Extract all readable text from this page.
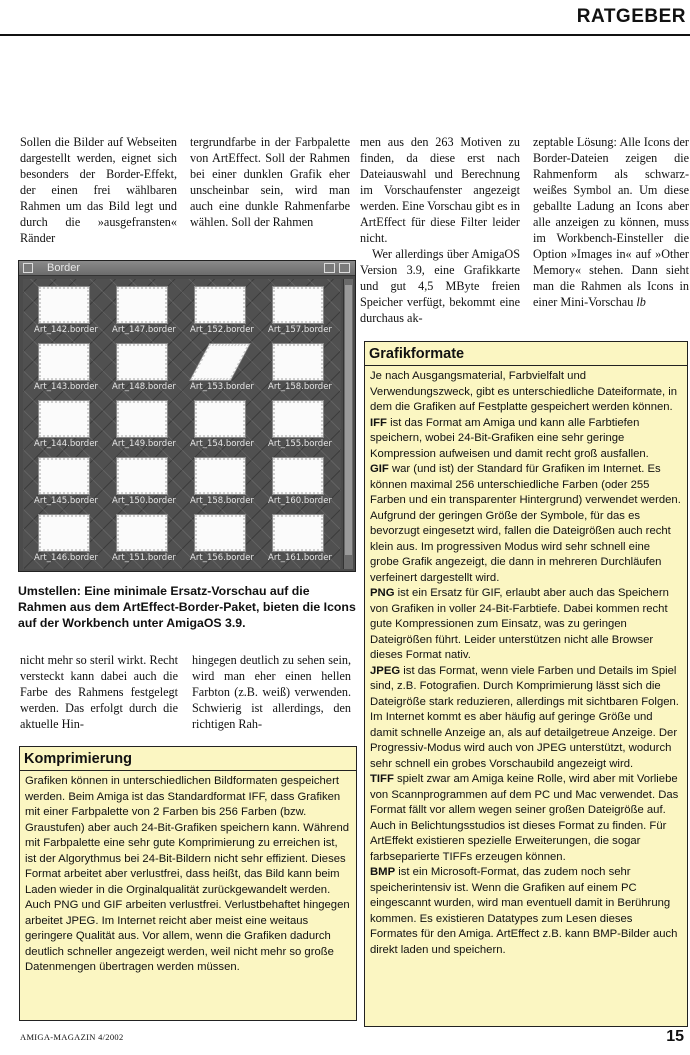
RATGEBER

Sollen die Bilder auf Webseiten dargestellt werden, eignet sich besonders der Border-Effekt, der einen frei wählbaren Rahmen um das Bild legt und durch die »ausgefransten« Ränder

tergrundfarbe in der Farbpalette von ArtEffect. Soll der Rahmen bei einer dunklen Grafik eher unscheinbar sein, wird man auch eine dunkle Rahmenfarbe wählen. Soll der Rahmen

men aus den 263 Motiven zu finden, da diese erst nach Dateiauswahl und Berechnung im Vorschaufenster angezeigt werden. Eine Vorschau gibt es in ArtEffect für diese Filter leider nicht.

Wer allerdings über AmigaOS Version 3.9, eine Grafikkarte und gut 4,5 MByte freien Speicher verfügt, bekommt eine durchaus ak-

zeptable Lösung: Alle Icons der Border-Dateien zeigen die Rahmenform als schwarz-weißes Symbol an. Um diese geballte Ladung an Icons aber alle anzeigen zu können, muss im Workbench-Einsteller die Option »Images in« auf »Other Memory« stehen. Dann sieht man die Rahmen als Icons in einer Mini-Vorschau lb

Border
Art_142.border	Art_147.border	Art_152.border	Art_157.border
Art_143.border	Art_148.border	Art_153.border	Art_158.border
Art_144.border	Art_149.border	Art_154.border	Art_155.border
Art_145.border	Art_150.border	Art_158.border	Art_160.border
Art_146.border	Art_151.border	Art_156.border	Art_161.border
Umstellen: Eine minimale Ersatz-Vorschau auf die Rahmen aus dem ArtEffect-Border-Paket, bieten die Icons auf der Workbench unter AmigaOS 3.9.

nicht mehr so steril wirkt. Recht versteckt kann dabei auch die Farbe des Rahmens festgelegt werden. Das erfolgt durch die aktuelle Hin-

hingegen deutlich zu sehen sein, wird man eher einen hellen Farbton (z.B. weiß) verwenden. Schwierig ist allerdings, den richtigen Rah-

Komprimierung

Grafiken können in unterschiedlichen Bildformaten gespeichert werden. Beim Amiga ist das Standardformat IFF, dass Grafiken mit einer Farbpalette von 2 Farben bis 256 Farben (bzw. Graustufen) aber auch 24-Bit-Grafiken speichern kann. Während mit Farbpalette eine sehr gute Komprimierung zu erreichen ist, ist der Algorythmus bei 24-Bit-Bildern nicht sehr effizient. Dieses Format arbeitet aber verlustfrei, dass heißt, das Bild kann beim Laden wieder in die Orginalqualität zurückgewandelt werden. Auch PNG und GIF arbeiten verlustfrei. Verlustbehaftet hingegen arbeitet JPEG. Im Internet reicht aber meist eine weitaus geringere Qualität aus. Vor allem, wenn die Grafiken dadurch deutlich schneller angezeigt werden, weil nicht mehr so große Datenmengen übertragen werden müssen.

Grafikformate

Je nach Ausgangsmaterial, Farbvielfalt und Verwendungszweck, gibt es unterschiedliche Dateiformate, in dem die Grafiken auf Festplatte gespeichert werden können.

IFF ist das Format am Amiga und kann alle Farbtiefen speichern, wobei 24-Bit-Grafiken eine sehr geringe Kompression aufweisen und damit recht groß ausfallen.

GIF war (und ist) der Standard für Grafiken im Internet. Es können maximal 256 unterschiedliche Farben (oder 255 Farben und ein transparenter Hintergrund) verwendet werden. Aufgrund der geringen Größe der Symbole, für das es bevorzugt eingesetzt wird, fallen die Dateigrößen auch recht klein aus. Im progressiven Modus wird sehr schnell eine grobe Grafik angezeigt, die dann in mehreren Durchläufen verfeinert dargestellt wird.

PNG ist ein Ersatz für GIF, erlaubt aber auch das Speichern von Grafiken in voller 24-Bit-Farbtiefe. Dabei kommen recht gute Kompressionen zum Einsatz, was zu geringen Dateigrößen führt. Leider unterstützen nicht alle Browser dieses Format nativ.

JPEG ist das Format, wenn viele Farben und Details im Spiel sind, z.B. Fotografien. Durch Komprimierung lässt sich die Dateigröße stark reduzieren, allerdings mit sichtbaren Folgen. Im Internet kommt es aber häufig auf geringe Größe und damit schnelle Anzeige an, als auf detailgetreue Anzeige. Der Progressiv-Modus wird auch von JPEG unterstützt, wodurch sehr schnell ein grobes Vorschaubild angezeigt wird.

TIFF spielt zwar am Amiga keine Rolle, wird aber mit Vorliebe von Scannprogrammen auf dem PC und Mac verwendet. Das Format fällt vor allem wegen seiner großen Dateigröße auf. Auch in Belichtungsstudios ist dieses Format zu finden. Für ArtEffekt existieren spezielle Erweiterungen, die sogar farbseparierte TIFFs erzeugen können.

BMP ist ein Microsoft-Format, das zudem noch sehr speicherintensiv ist. Wenn die Grafiken auf einem PC eingescannt wurden, wird man eventuell damit in Berührung kommen. Es existieren Datatypes zum Lesen dieses Formates für den Amiga. ArtEffect z.B. kann BMP-Bilder auch direkt laden und speichern.

AMIGA-MAGAZIN 4/2002	15
